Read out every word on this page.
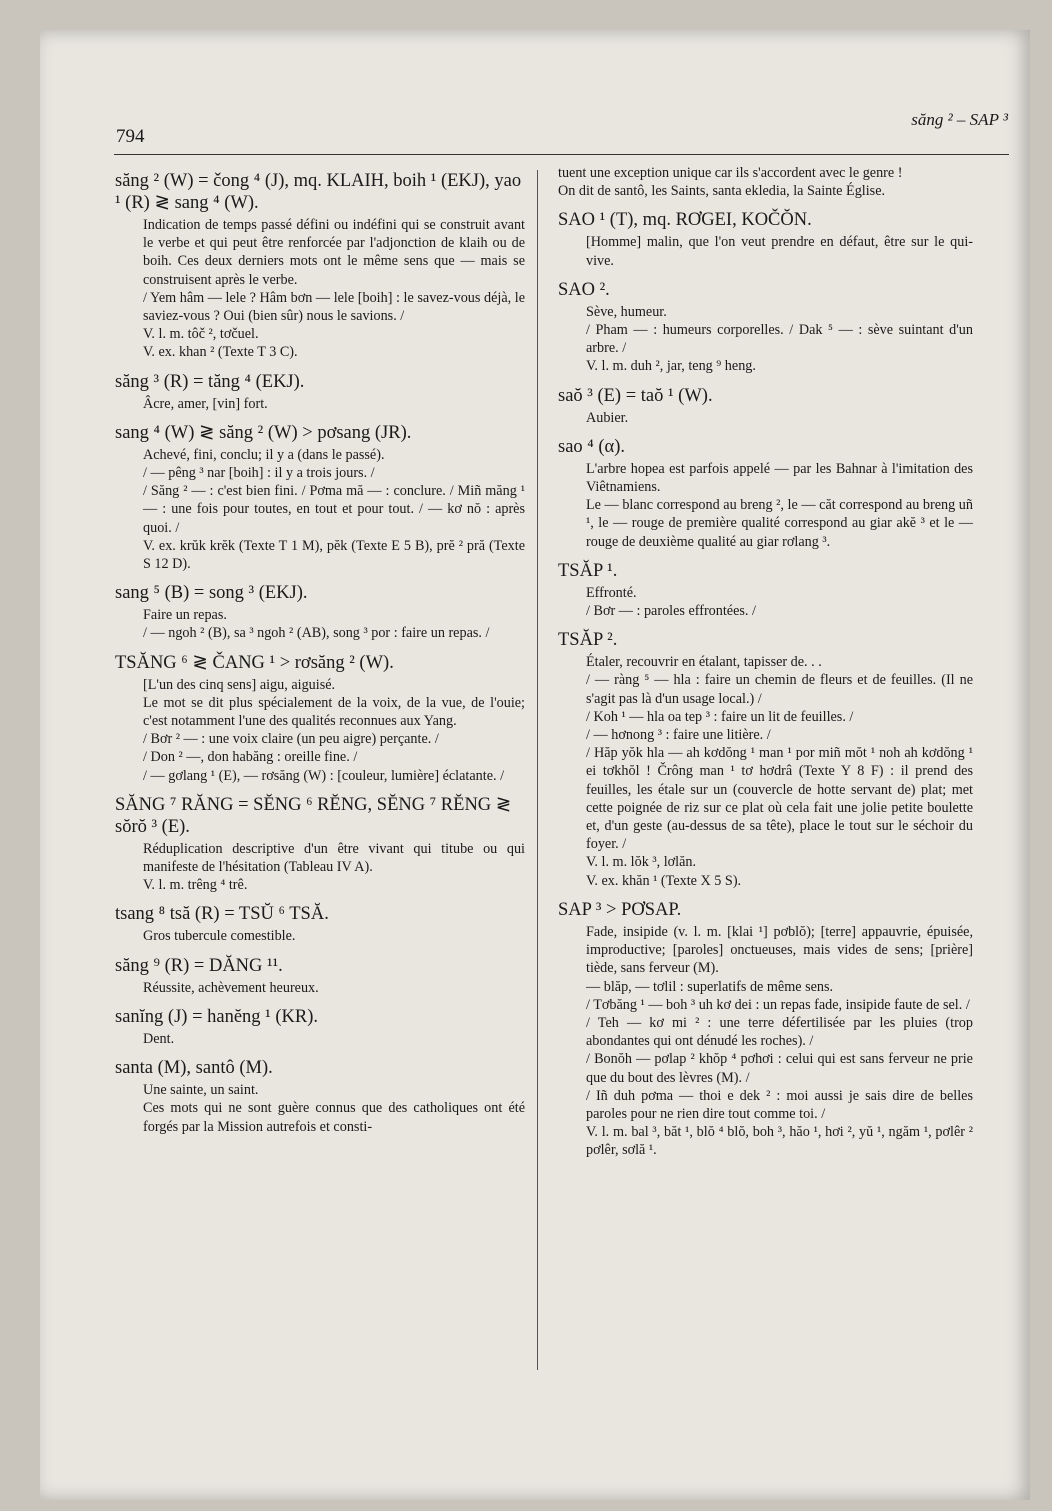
794
săng ² – SAP ³
săng ² (W) = čong ⁴ (J), mq. KLAIH, boih ¹ (EKJ), yao ¹ (R) ≷ sang ⁴ (W).

Indication de temps passé défini ou indéfini qui se construit avant le verbe et qui peut être renforcée par l'adjonction de klaih ou de boih. Ces deux derniers mots ont le même sens que — mais se construisent après le verbe.

/ Yem hâm — lele ? Hâm bơn — lele [boih] : le savez-vous déjà, le saviez-vous ? Oui (bien sûr) nous le savions. /

V. l. m. tôč ², tơčuel.

V. ex. khan ² (Texte T 3 C).

săng ³ (R) = tăng ⁴ (EKJ).

Âcre, amer, [vin] fort.

sang ⁴ (W) ≷ săng ² (W) > pơsang (JR).

Achevé, fini, conclu; il y a (dans le passé).

/ — pêng ³ nar [boih] : il y a trois jours. /

/ Săng ² — : c'est bien fini. / Pơma mă — : conclure. / Miñ măng ¹ — : une fois pour toutes, en tout et pour tout. / — kơ nŏ : après quoi. /

V. ex. krŭk krĕk (Texte T 1 M), pĕk (Texte E 5 B), prĕ ² pră (Texte S 12 D).

sang ⁵ (B) = song ³ (EKJ).

Faire un repas.

/ — ngoh ² (B), sa ³ ngoh ² (AB), song ³ por : faire un repas. /

TSĂNG ⁶ ≷ ČANG ¹ > rơsăng ² (W).

[L'un des cinq sens] aigu, aiguisé.

Le mot se dit plus spécialement de la voix, de la vue, de l'ouie; c'est notamment l'une des qualités reconnues aux Yang.

/ Bơr ² — : une voix claire (un peu aigre) perçante. /

/ Don ² —, don habăng : oreille fine. /

/ — gơlang ¹ (E), — rơsăng (W) : [couleur, lumière] éclatante. /

SĂNG ⁷ RĂNG = SĔNG ⁶ RĔNG, SĔNG ⁷ RĔNG ≷ sŏrŏ ³ (E).

Réduplication descriptive d'un être vivant qui titube ou qui manifeste de l'hésitation (Tableau IV A).

V. l. m. trêng ⁴ trê.

tsang ⁸ tsă (R) = TSŬ ⁶ TSĂ.

Gros tubercule comestible.

săng ⁹ (R) = DĂNG ¹¹.

Réussite, achèvement heureux.

sanĭng (J) = hanĕng ¹ (KR).

Dent.

santa (M), santô (M).

Une sainte, un saint.

Ces mots qui ne sont guère connus que des catholiques ont été forgés par la Mission autrefois et consti-

tuent une exception unique car ils s'accordent avec le genre !

On dit de santô, les Saints, santa ekledia, la Sainte Église.

SAO ¹ (T), mq. RƠGEI, KOČŎN.

[Homme] malin, que l'on veut prendre en défaut, être sur le qui-vive.

SAO ².

Sève, humeur.

/ Pham — : humeurs corporelles. / Dak ⁵ — : sève suintant d'un arbre. /

V. l. m. duh ², jar, teng ⁹ heng.

saŏ ³ (E) = taŏ ¹ (W).

Aubier.

sao ⁴ (α).

L'arbre hopea est parfois appelé — par les Bahnar à l'imitation des Viêtnamiens.

Le — blanc correspond au breng ², le — căt correspond au breng uñ ¹, le — rouge de première qualité correspond au giar akĕ ³ et le — rouge de deuxième qualité au giar rơlang ³.

TSĂP ¹.

Effronté.

/ Bơr — : paroles effrontées. /

TSĂP ².

Étaler, recouvrir en étalant, tapisser de. . .

/ — ràng ⁵ — hla : faire un chemin de fleurs et de feuilles. (Il ne s'agit pas là d'un usage local.) /

/ Koh ¹ — hla oa tep ³ : faire un lit de feuilles. /

/ — hơnong ³ : faire une litière. /

/ Hăp yŏk hla — ah kơdŏng ¹ man ¹ por miñ mŏt ¹ noh ah kơdŏng ¹ ei tơkhŏl ! Črông man ¹ tơ hơdrâ (Texte Y 8 F) : il prend des feuilles, les étale sur un (couvercle de hotte servant de) plat; met cette poignée de riz sur ce plat où cela fait une jolie petite boulette et, d'un geste (au-dessus de sa tête), place le tout sur le séchoir du foyer. /

V. l. m. lŏk ³, lơlăn.

V. ex. khăn ¹ (Texte X 5 S).

SAP ³ > PƠSAP.

Fade, insipide (v. l. m. [klai ¹] pơblŏ); [terre] appauvrie, épuisée, improductive; [paroles] onctueuses, mais vides de sens; [prière] tiède, sans ferveur (M).

— blăp, — tơlil : superlatifs de même sens.

/ Tơbăng ¹ — boh ³ uh kơ dei : un repas fade, insipide faute de sel. /

/ Teh — kơ mi ² : une terre défertilisée par les pluies (trop abondantes qui ont dénudé les roches). /

/ Bonŏh — pơlap ² khŏp ⁴ pơhơi : celui qui est sans ferveur ne prie que du bout des lèvres (M). /

/ Iñ duh pơma — thoi e dek ² : moi aussi je sais dire de belles paroles pour ne rien dire tout comme toi. /

V. l. m. bal ³, băt ¹, blŏ ⁴ blŏ, boh ³, hăo ¹, hơi ², yŭ ¹, ngăm ¹, pơlêr ² pơlêr, sơlă ¹.
